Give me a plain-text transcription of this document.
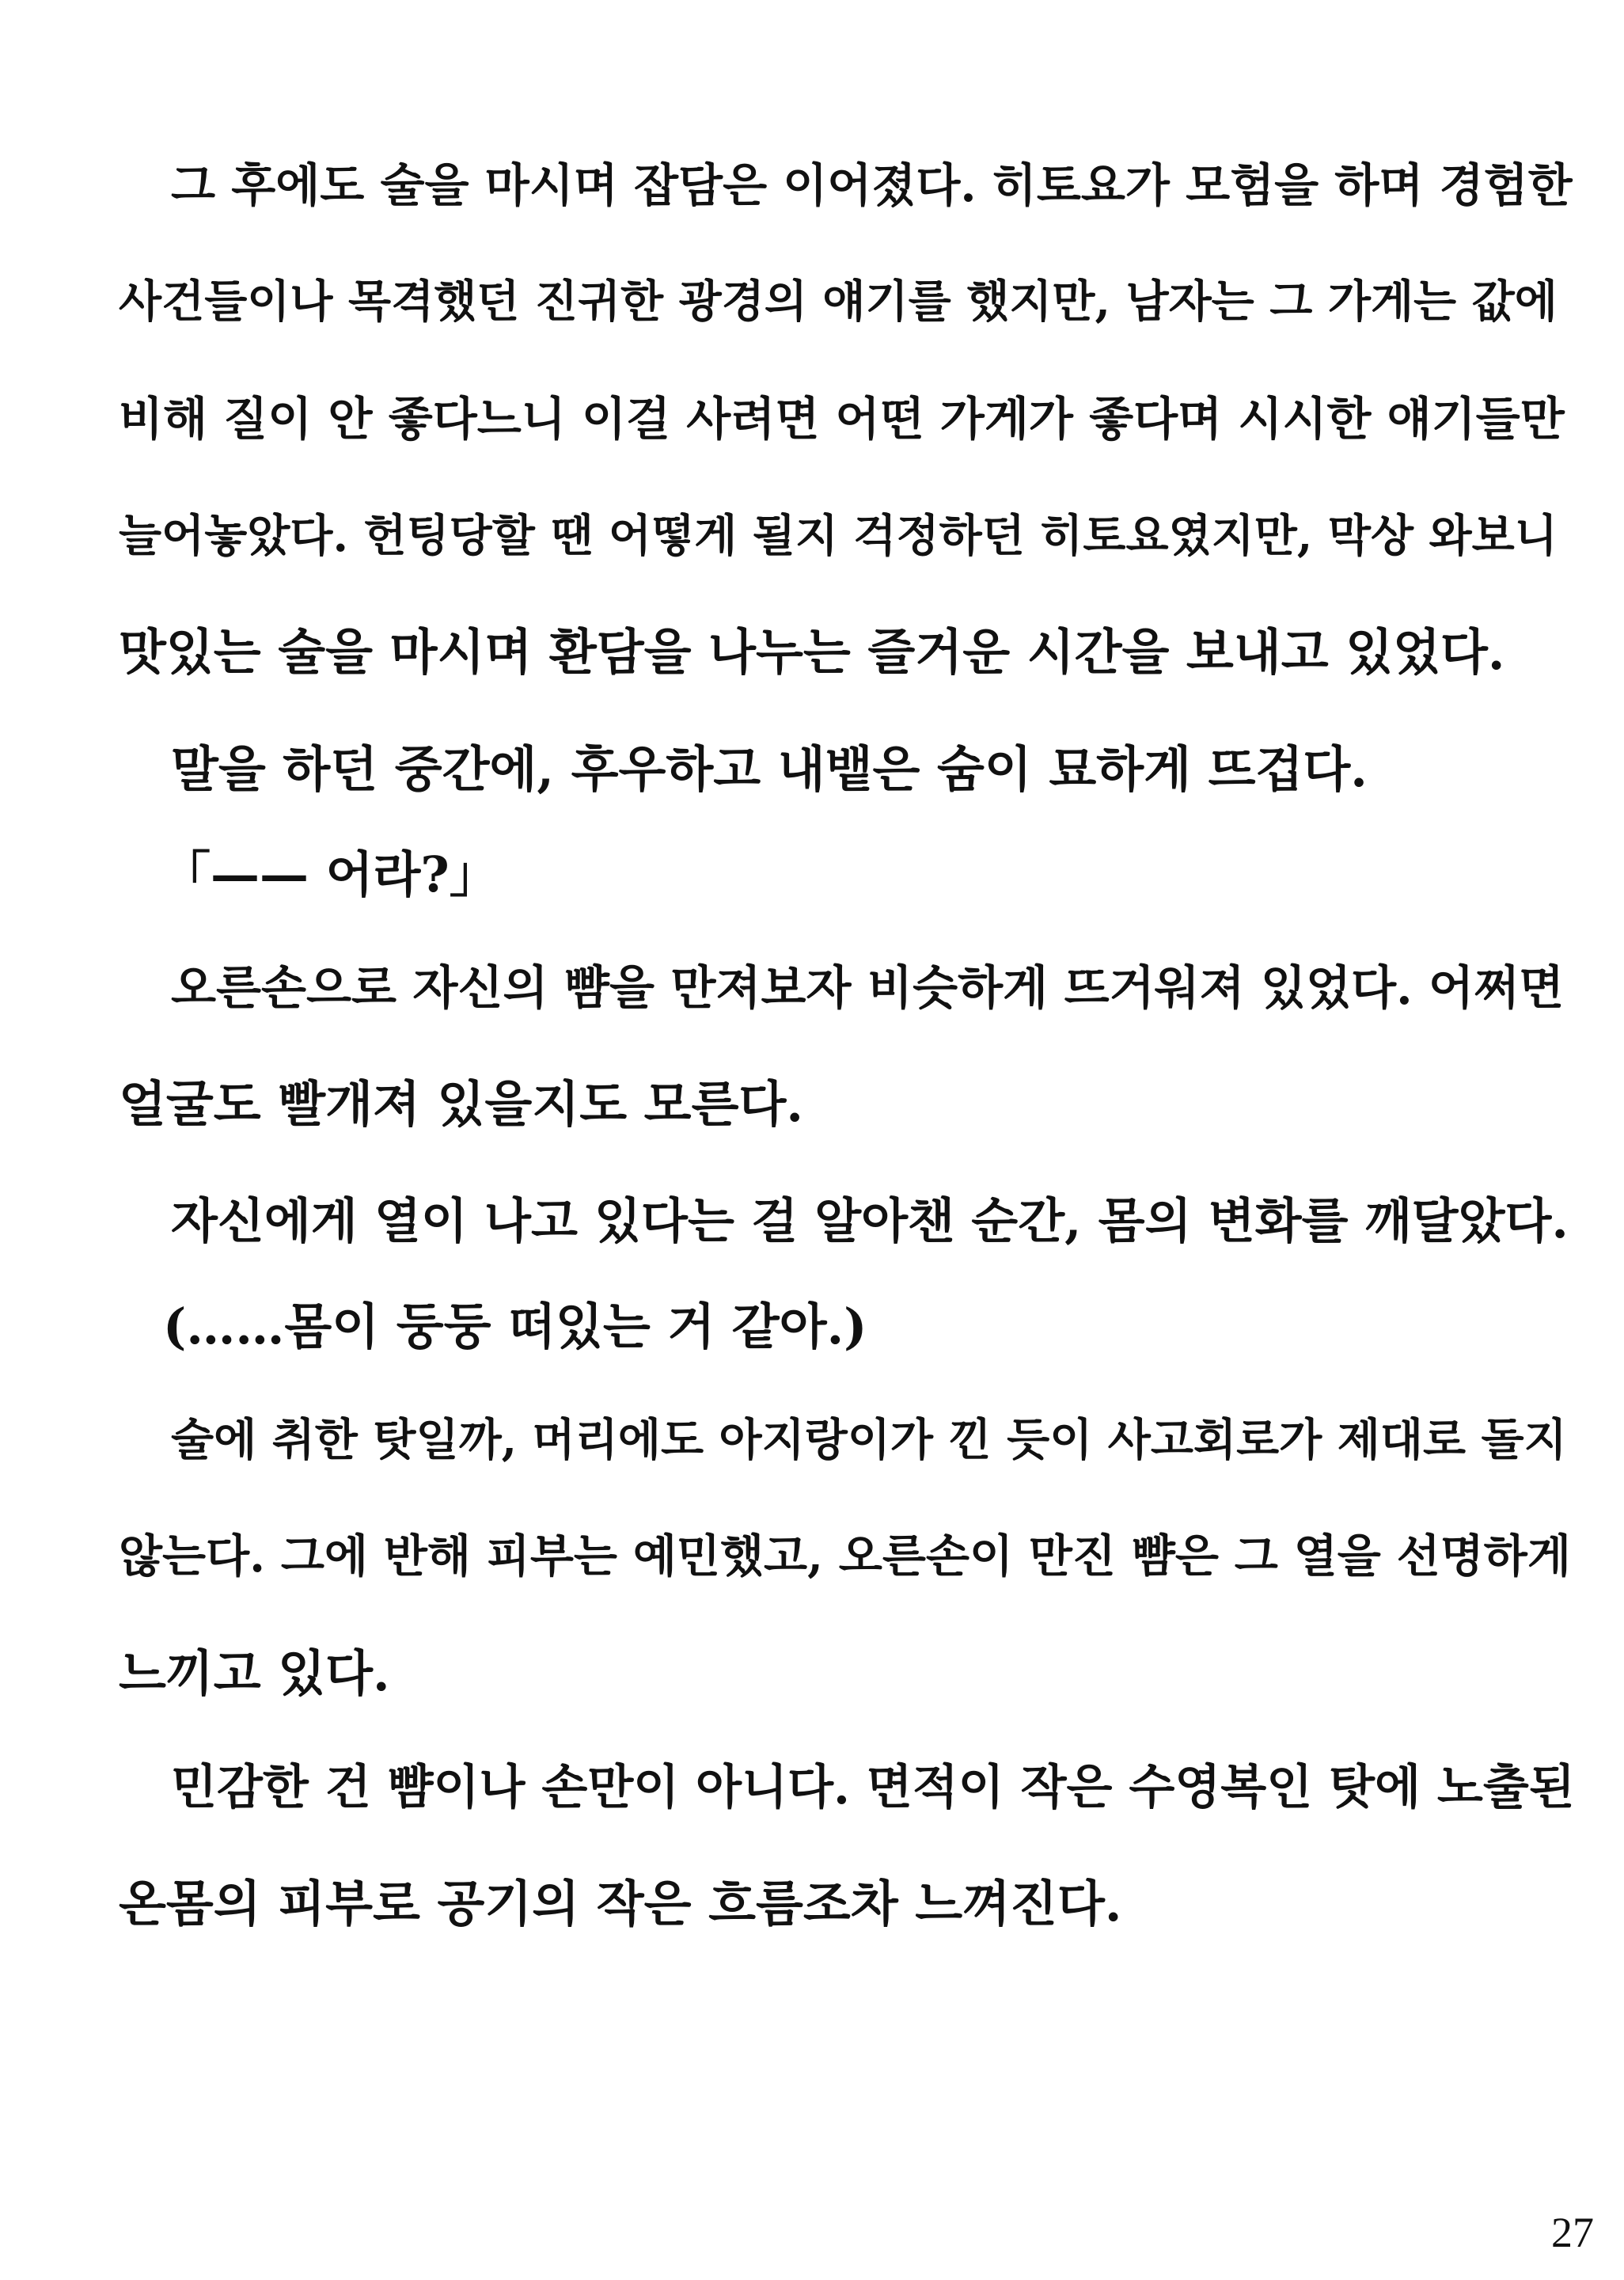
그 후에도 술을 마시며 잡담은 이어졌다. 히토요가 모험을 하며 경험한
사건들이나 목격했던 진귀한 광경의 얘기를 했지만, 남자는 그 가게는 값에
비해 질이 안 좋다느니 이걸 사려면 어떤 가게가 좋다며 시시한 얘기들만
늘어놓았다. 헌팅당할 땐 어떻게 될지 걱정하던 히토요였지만, 막상 와보니
맛있는 술을 마시며 환담을 나누는 즐거운 시간을 보내고 있었다.
말을 하던 중간에, 후우하고 내뱉은 숨이 묘하게 뜨겁다.
「—— 어라?」
오른손으로 자신의 뺨을 만져보자 비슷하게 뜨거워져 있었다. 어쩌면
얼굴도 빨개져 있을지도 모른다.
자신에게 열이 나고 있다는 걸 알아챈 순간, 몸의 변화를 깨달았다.
(……몸이 둥둥 떠있는 거 같아.)
술에 취한 탓일까, 머리에도 아지랑이가 낀 듯이 사고회로가 제대로 돌지
않는다. 그에 반해 피부는 예민했고, 오른손이 만진 뺨은 그 열을 선명하게
느끼고 있다.
민감한 건 뺨이나 손만이 아니다. 면적이 작은 수영복인 탓에 노출된
온몸의 피부로 공기의 작은 흐름조차 느껴진다.
27
